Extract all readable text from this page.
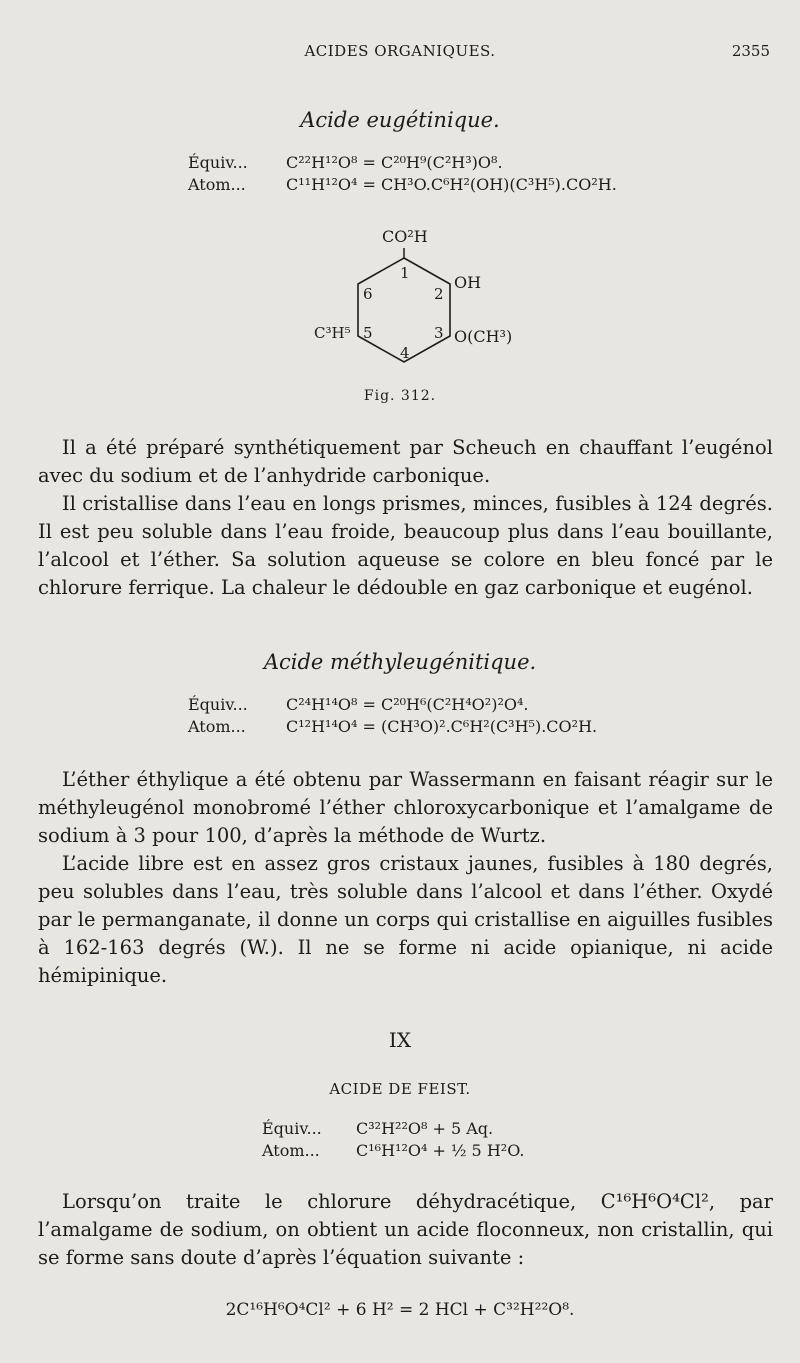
ACIDES ORGANIQUES.	2355
Acide eugétinique.
Équiv... C²²H¹²O⁸ = C²⁰H⁹(C²H³)O⁸.
Atom...	C¹¹H¹²O⁴ = CH³O.C⁶H²(OH)(C³H⁵).CO²H.
CO²H
1
2
3
4
5
6
OH
O(CH³)
C³H⁵
Fig. 312.

Il a été préparé synthétiquement par Scheuch en chauffant l’eugénol avec du sodium et de l’anhydride carbonique.

Il cristallise dans l’eau en longs prismes, minces, fusibles à 124 degrés. Il est peu soluble dans l’eau froide, beaucoup plus dans l’eau bouillante, l’alcool et l’éther. Sa solution aqueuse se colore en bleu foncé par le chlorure ferrique. La chaleur le dédouble en gaz carbonique et eugénol.

Acide méthyleugénitique.
Équiv... C²⁴H¹⁴O⁸ = C²⁰H⁶(C²H⁴O²)²O⁴.
Atom...	C¹²H¹⁴O⁴ = (CH³O)².C⁶H²(C³H⁵).CO²H.

L’éther éthylique a été obtenu par Wassermann en faisant réagir sur le méthyleugénol monobromé l’éther chloroxycarbonique et l’amalgame de sodium à 3 pour 100, d’après la méthode de Wurtz.

L’acide libre est en assez gros cristaux jaunes, fusibles à 180 degrés, peu solubles dans l’eau, très soluble dans l’alcool et dans l’éther. Oxydé par le permanganate, il donne un corps qui cristallise en aiguilles fusibles à 162-163 degrés (W.). Il ne se forme ni acide opianique, ni acide hémipinique.

IX
ACIDE DE FEIST.
Équiv... C³²H²²O⁸ + 5 Aq.
Atom... C¹⁶H¹²O⁴ + ½ 5 H²O.

Lorsqu’on traite le chlorure déhydracétique, C¹⁶H⁶O⁴Cl², par l’amalgame de sodium, on obtient un acide floconneux, non cristallin, qui se forme sans doute d’après l’équation suivante :

2C¹⁶H⁶O⁴Cl² + 6 H² = 2 HCl + C³²H²²O⁸.
